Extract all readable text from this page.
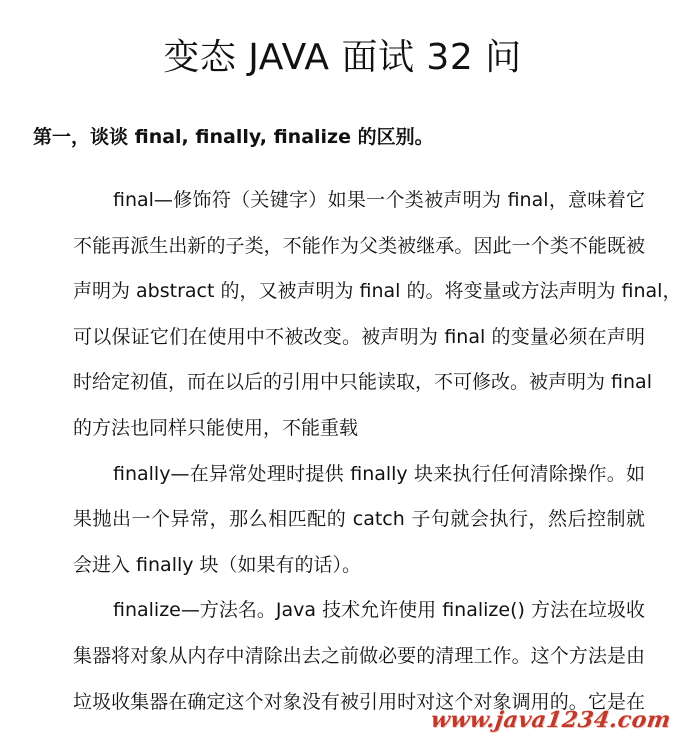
变态 JAVA 面试 32 问
第一，谈谈 final, finally, finalize 的区别。
final—修饰符（关键字）如果一个类被声明为 final，意味着它
不能再派生出新的子类，不能作为父类被继承。因此一个类不能既被
声明为 abstract 的，又被声明为 final 的。将变量或方法声明为 final，
可以保证它们在使用中不被改变。被声明为 final 的变量必须在声明
时给定初值，而在以后的引用中只能读取，不可修改。被声明为 final
的方法也同样只能使用，不能重载
finally—在异常处理时提供 finally 块来执行任何清除操作。如
果抛出一个异常，那么相匹配的 catch 子句就会执行，然后控制就
会进入 finally 块（如果有的话）。
finalize—方法名。Java 技术允许使用 finalize() 方法在垃圾收
集器将对象从内存中清除出去之前做必要的清理工作。这个方法是由
垃圾收集器在确定这个对象没有被引用时对这个对象调用的。它是在
www.java1234.com
